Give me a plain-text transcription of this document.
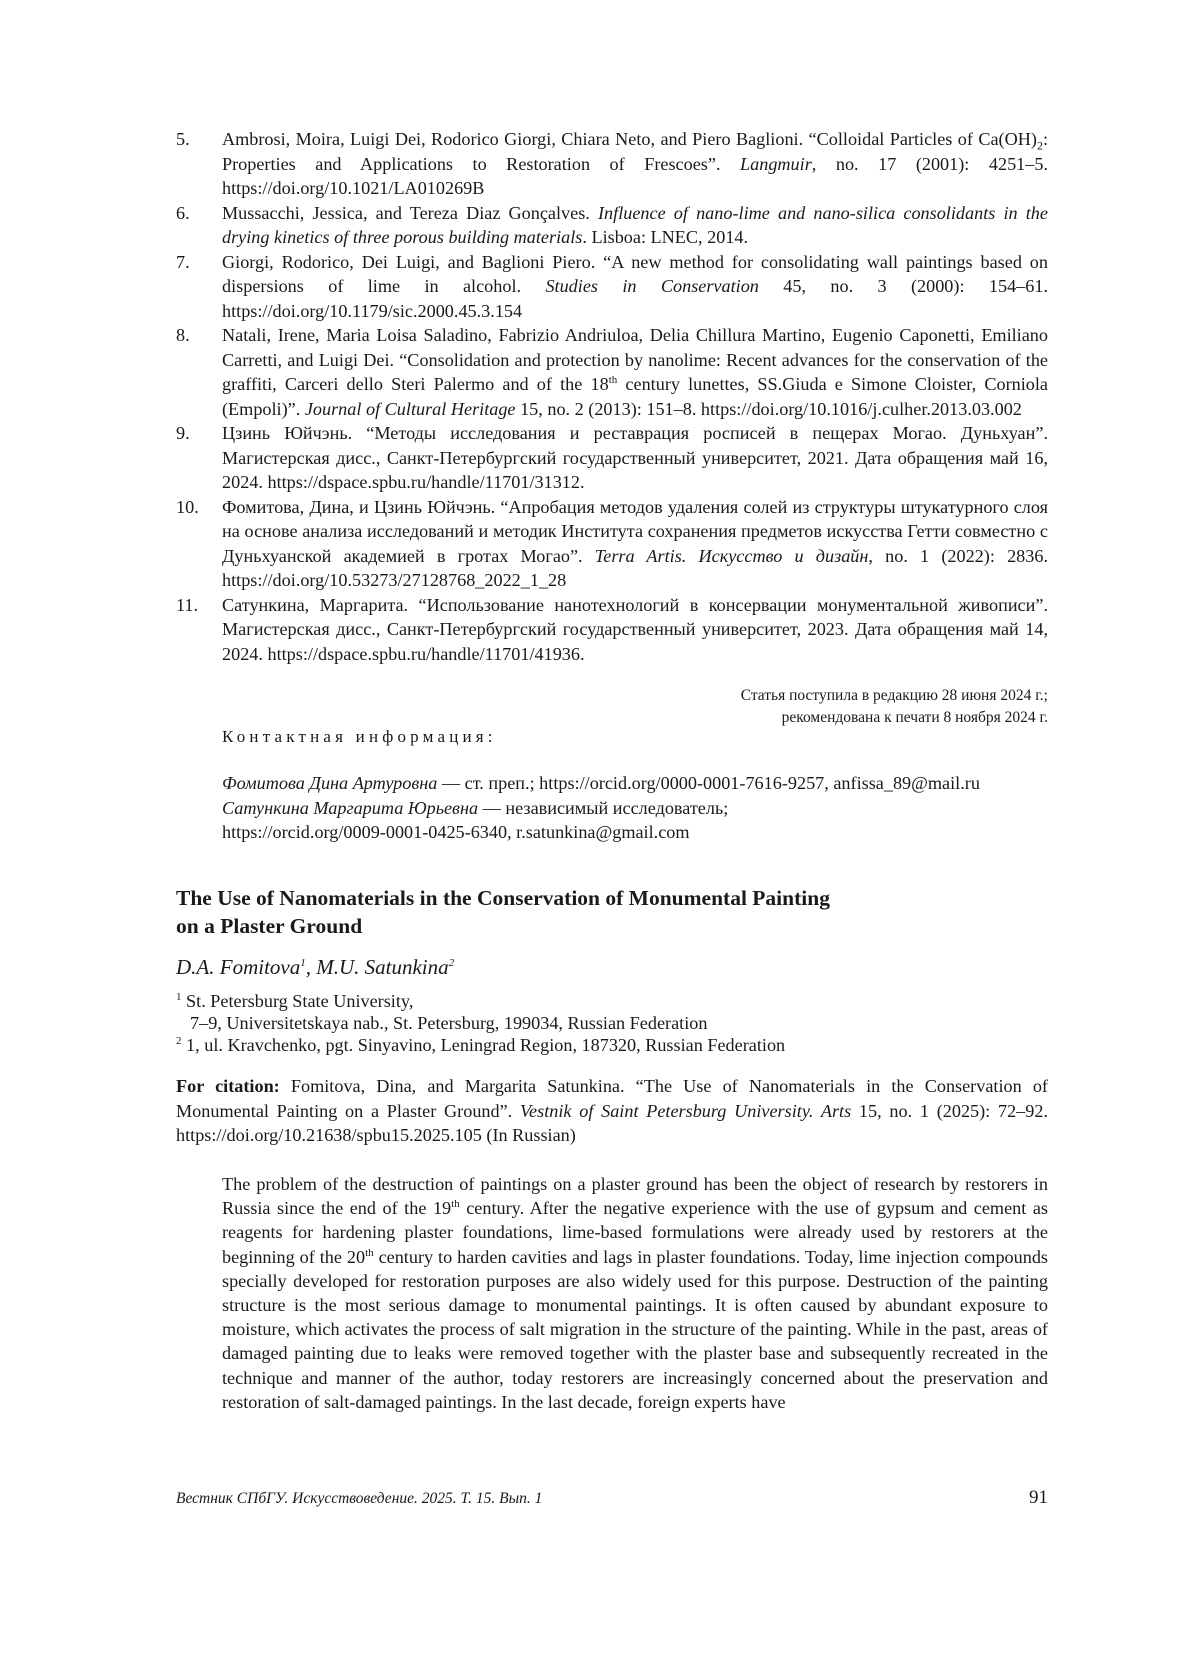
5.	Ambrosi, Moira, Luigi Dei, Rodorico Giorgi, Chiara Neto, and Piero Baglioni. “Colloidal Particles of $Ca(OH)_2$: Properties and Applications to Restoration of Frescoes”. Langmuir, no. 17 (2001): 4251–5. https://doi.org/10.1021/LA010269B
6.	Mussacchi, Jessica, and Tereza Diaz Gonçalves. Influence of nano-lime and nano-silica consolidants in the drying kinetics of three porous building materials. Lisboa: LNEC, 2014.
7.	Giorgi, Rodorico, Dei Luigi, and Baglioni Piero. “A new method for consolidating wall paintings based on dispersions of lime in alcohol. Studies in Conservation 45, no. 3 (2000): 154–61. https://doi.org/10.1179/sic.2000.45.3.154
8.	Natali, Irene, Maria Loisa Saladino, Fabrizio Andriuloa, Delia Chillura Martino, Eugenio Caponetti, Emiliano Carretti, and Luigi Dei. “Consolidation and protection by nanolime: Recent advances for the conservation of the graffiti, Carceri dello Steri Palermo and of the 18th century lunettes, SS.Giuda e Simone Cloister, Corniola (Empoli)”. Journal of Cultural Heritage 15, no. 2 (2013): 151–8. https://doi.org/10.1016/j.culher.2013.03.002
9.	Цзинь Юйчэнь. “Методы исследования и реставрация росписей в пещерах Могао. Дуньхуан”. Магистерская дисс., Санкт-Петербургский государственный университет, 2021. Дата обращения май 16, 2024. https://dspace.spbu.ru/handle/11701/31312.
10.	Фомитова, Дина, и Цзинь Юйчэнь. “Апробация методов удаления солей из структуры штукатурного слоя на основе анализа исследований и методик Института сохранения предметов искусства Гетти совместно с Дуньхуанской академией в гротах Могао”. Terra Artis. Искусство и дизайн, no. 1 (2022): 2836. https://doi.org/10.53273/27128768_2022_1_28
11.	Сатункина, Маргарита. “Использование нанотехнологий в консервации монументальной живописи”. Магистерская дисс., Санкт-Петербургский государственный университет, 2023. Дата обращения май 14, 2024. https://dspace.spbu.ru/handle/11701/41936.
Статья поступила в редакцию 28 июня 2024 г.;
рекомендована к печати 8 ноября 2024 г.
Контактная информация:
Фомитова Дина Артуровна — ст. преп.; https://orcid.org/0000-0001-7616-9257, anfissa_89@mail.ru
Сатункина Маргарита Юрьевна — независимый исследователь;
https://orcid.org/0009-0001-0425-6340, r.satunkina@gmail.com
The Use of Nanomaterials in the Conservation of Monumental Painting
on a Plaster Ground
D.A. Fomitova$^1$, M.U. Satunkina$^2$
$^1$ St. Petersburg State University,
7–9, Universitetskaya nab., St. Petersburg, 199034, Russian Federation
$^2$ 1, ul. Kravchenko, pgt. Sinyavino, Leningrad Region, 187320, Russian Federation
For citation: Fomitova, Dina, and Margarita Satunkina. “The Use of Nanomaterials in the Conservation of Monumental Painting on a Plaster Ground”. Vestnik of Saint Petersburg University. Arts 15, no. 1 (2025): 72–92. https://doi.org/10.21638/spbu15.2025.105 (In Russian)
The problem of the destruction of paintings on a plaster ground has been the object of research by restorers in Russia since the end of the 19th century. After the negative experience with the use of gypsum and cement as reagents for hardening plaster foundations, lime-based formulations were already used by restorers at the beginning of the 20th century to harden cavities and lags in plaster foundations. Today, lime injection compounds specially developed for restoration purposes are also widely used for this purpose. Destruction of the painting structure is the most serious damage to monumental paintings. It is often caused by abundant exposure to moisture, which activates the process of salt migration in the structure of the painting. While in the past, areas of damaged painting due to leaks were removed together with the plaster base and subsequently recreated in the technique and manner of the author, today restorers are increasingly concerned about the preservation and restoration of salt-damaged paintings. In the last decade, foreign experts have
Вестник СПбГУ. Искусствоведение. 2025. Т. 15. Вып. 1	91
